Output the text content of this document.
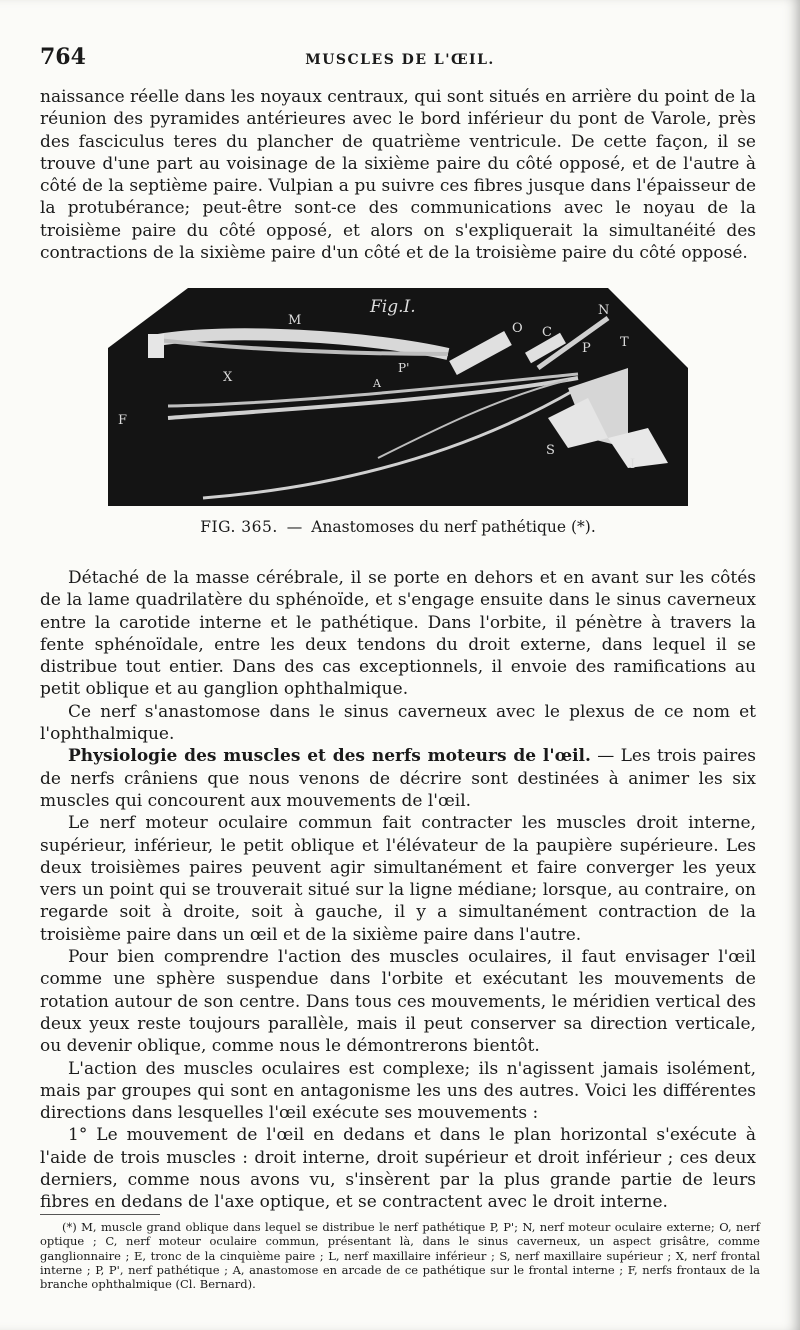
764	MUSCLES DE L'ŒIL.

naissance réelle dans les noyaux centraux, qui sont situés en arrière du point de la réunion des pyramides antérieures avec le bord inférieur du pont de Varole, près des fasciculus teres du plancher de quatrième ventricule. De cette façon, il se trouve d'une part au voisinage de la sixième paire du côté opposé, et de l'autre à côté de la septième paire. Vulpian a pu suivre ces fibres jusque dans l'épaisseur de la protubérance; peut-être sont-ce des communications avec le noyau de la troisième paire du côté opposé, et alors on s'expliquerait la simultanéité des contractions de la sixième paire d'un côté et de la troisième paire du côté opposé.

Fig.I.
M
X
F
A
P'
O C
N
P T
S
I
FIG. 365. — Anastomoses du nerf pathétique (*).

Détaché de la masse cérébrale, il se porte en dehors et en avant sur les côtés de la lame quadrilatère du sphénoïde, et s'engage ensuite dans le sinus caverneux entre la carotide interne et le pathétique. Dans l'orbite, il pénètre à travers la fente sphénoïdale, entre les deux tendons du droit externe, dans lequel il se distribue tout entier. Dans des cas exceptionnels, il envoie des ramifications au petit oblique et au ganglion ophthalmique.

Ce nerf s'anastomose dans le sinus caverneux avec le plexus de ce nom et l'ophthalmique.

Physiologie des muscles et des nerfs moteurs de l'œil. — Les trois paires de nerfs crâniens que nous venons de décrire sont destinées à animer les six muscles qui concourent aux mouvements de l'œil.

Le nerf moteur oculaire commun fait contracter les muscles droit interne, supérieur, inférieur, le petit oblique et l'élévateur de la paupière supérieure. Les deux troisièmes paires peuvent agir simultanément et faire converger les yeux vers un point qui se trouverait situé sur la ligne médiane; lorsque, au contraire, on regarde soit à droite, soit à gauche, il y a simultanément contraction de la troisième paire dans un œil et de la sixième paire dans l'autre.

Pour bien comprendre l'action des muscles oculaires, il faut envisager l'œil comme une sphère suspendue dans l'orbite et exécutant les mouvements de rotation autour de son centre. Dans tous ces mouvements, le méridien vertical des deux yeux reste toujours parallèle, mais il peut conserver sa direction verticale, ou devenir oblique, comme nous le démontrerons bientôt.

L'action des muscles oculaires est complexe; ils n'agissent jamais isolément, mais par groupes qui sont en antagonisme les uns des autres. Voici les différentes directions dans lesquelles l'œil exécute ses mouvements :

1° Le mouvement de l'œil en dedans et dans le plan horizontal s'exécute à l'aide de trois muscles : droit interne, droit supérieur et droit inférieur ; ces deux derniers, comme nous avons vu, s'insèrent par la plus grande partie de leurs fibres en dedans de l'axe optique, et se contractent avec le droit interne.

(*) M, muscle grand oblique dans lequel se distribue le nerf pathétique P, P'; N, nerf moteur oculaire externe; O, nerf optique ; C, nerf moteur oculaire commun, présentant là, dans le sinus caverneux, un aspect grisâtre, comme ganglionnaire ; E, tronc de la cinquième paire ; L, nerf maxillaire inférieur ; S, nerf maxillaire supérieur ; X, nerf frontal interne ; P, P', nerf pathétique ; A, anastomose en arcade de ce pathétique sur le frontal interne ; F, nerfs frontaux de la branche ophthalmique (Cl. Bernard).
